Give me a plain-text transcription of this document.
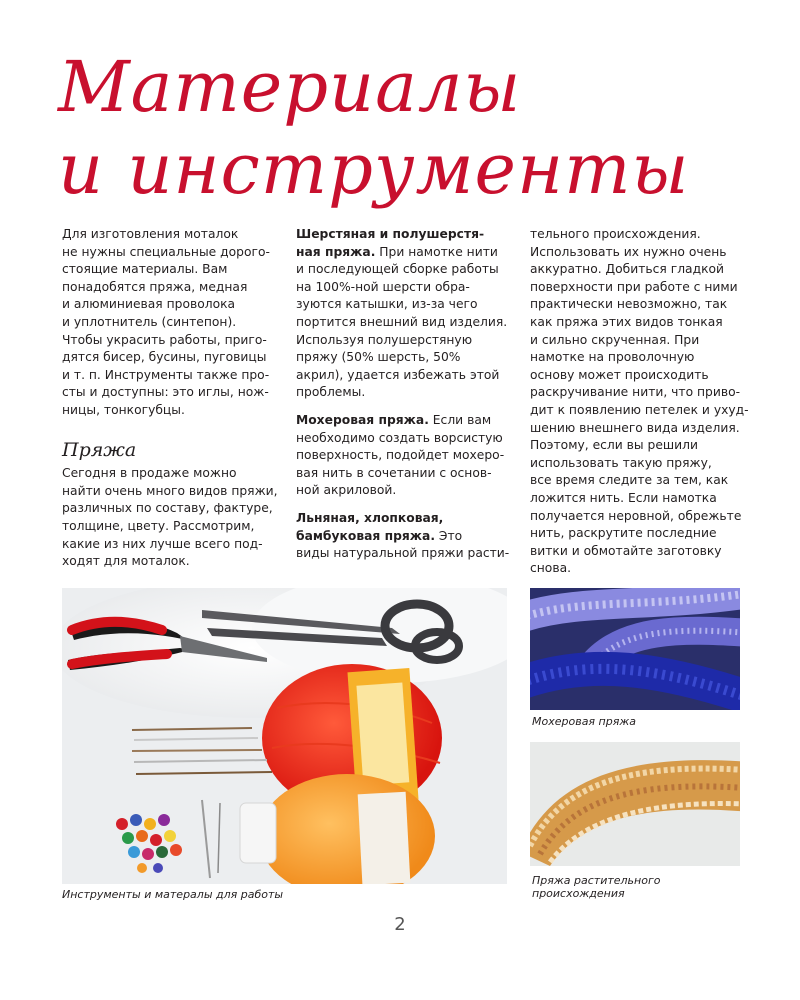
Материалы
и инструменты

Для изготовления моталок
не нужны специальные дорого-
стоящие материалы. Вам
понадобятся пряжа, медная
и алюминиевая проволока
и уплотнитель (синтепон).
Чтобы украсить работы, приго-
дятся бисер, бусины, пуговицы
и т. п. Инструменты также про-
сты и доступны: это иглы, нож-
ницы, тонкогубцы.

Пряжа

Сегодня в продаже можно
найти очень много видов пряжи,
различных по составу, фактуре,
толщине, цвету. Рассмотрим,
какие из них лучше всего под-
ходят для моталок.

Шерстяная и полушерстя-
ная пряжа. При намотке нити
и последующей сборке работы
на 100%-ной шерсти обра-
зуются катышки, из-за чего
портится внешний вид изделия.
Используя полушерстяную
пряжу (50% шерсть, 50%
акрил), удается избежать этой
проблемы.

Мохеровая пряжа. Если вам
необходимо создать ворсистую
поверхность, подойдет мохеро-
вая нить в сочетании с основ-
ной акриловой.

Льняная, хлопковая,
бамбуковая пряжа. Это
виды натуральной пряжи расти-

тельного происхождения.
Использовать их нужно очень
аккуратно. Добиться гладкой
поверхности при работе с ними
практически невозможно, так
как пряжа этих видов тонкая
и сильно скрученная. При
намотке на проволочную
основу может происходить
раскручивание нити, что приво-
дит к появлению петелек и ухуд-
шению внешнего вида изделия.
Поэтому, если вы решили
использовать такую пряжу,
все время следите за тем, как
ложится нить. Если намотка
получается неровной, обрежьте
нить, раскрутите последние
витки и обмотайте заготовку
снова.

Инструменты и матералы для работы
Мохеровая пряжа
Пряжа растительного
происхождения
2
